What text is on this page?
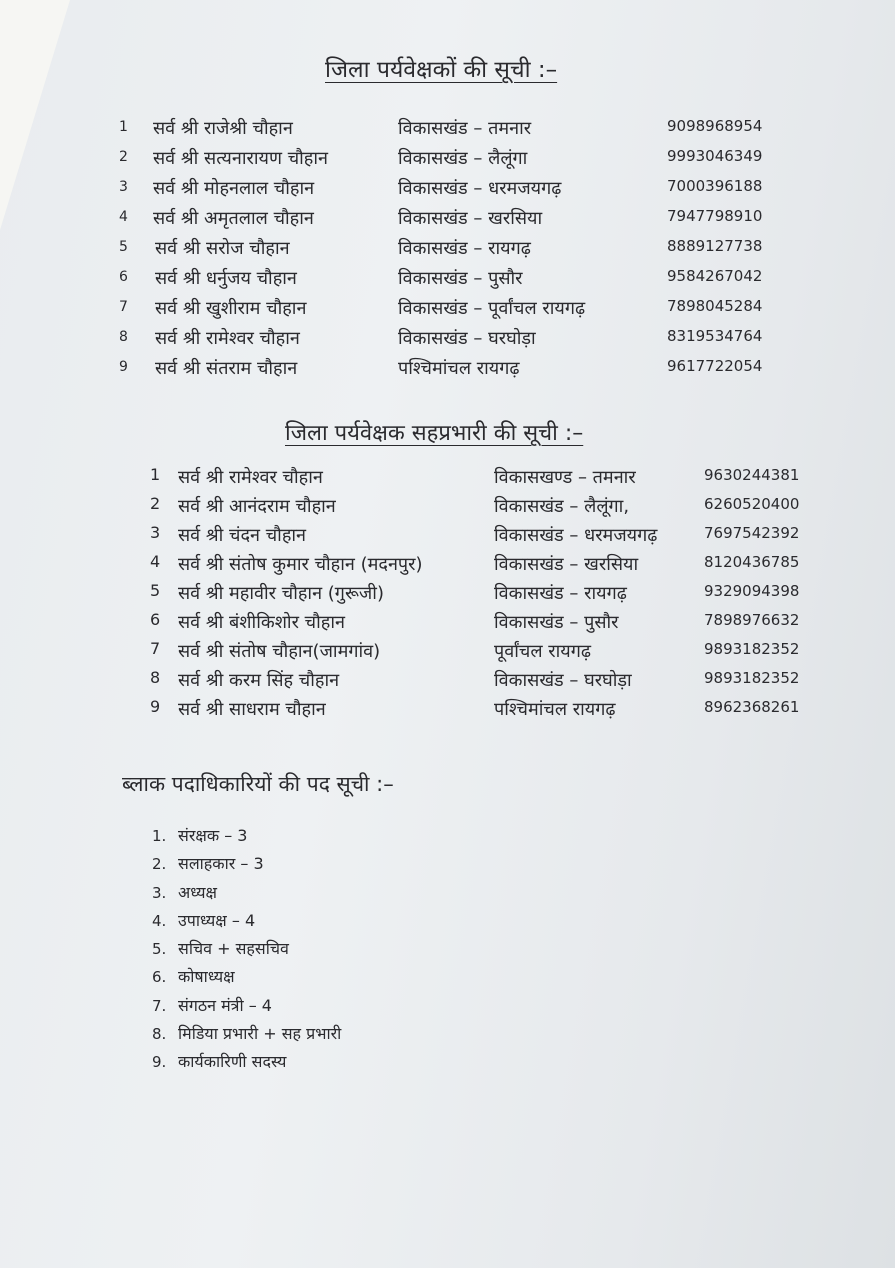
जिला पर्यवेक्षकों की सूची :–
1 सर्व श्री राजेश्री चौहान	विकासखंड – तमनार	9098968954
2 सर्व श्री सत्यनारायण चौहान	विकासखंड – लैलूंगा	9993046349
3 सर्व श्री मोहनलाल चौहान	विकासखंड – धरमजयगढ़	7000396188
4 सर्व श्री अमृतलाल चौहान	विकासखंड – खरसिया	7947798910
5 सर्व श्री सरोज चौहान	विकासखंड – रायगढ़	8889127738
6 सर्व श्री धर्नुजय चौहान	विकासखंड – पुसौर	9584267042
7 सर्व श्री खुशीराम चौहान	विकासखंड – पूर्वांचल रायगढ़	7898045284
8 सर्व श्री रामेश्वर चौहान	विकासखंड – घरघोड़ा	8319534764
9 सर्व श्री संतराम चौहान	पश्चिमांचल रायगढ़	9617722054
जिला पर्यवेक्षक सहप्रभारी की सूची :–
1 सर्व श्री रामेश्वर चौहान	विकासखण्ड – तमनार	9630244381
2 सर्व श्री आनंदराम चौहान	विकासखंड – लैलूंगा,	6260520400
3 सर्व श्री चंदन चौहान	विकासखंड – धरमजयगढ़	7697542392
4 सर्व श्री संतोष कुमार चौहान (मदनपुर)	विकासखंड – खरसिया	8120436785
5 सर्व श्री महावीर चौहान (गुरूजी)	विकासखंड – रायगढ़	9329094398
6 सर्व श्री बंशीकिशोर चौहान	विकासखंड – पुसौर	7898976632
7 सर्व श्री संतोष चौहान(जामगांव)	पूर्वांचल रायगढ़	9893182352
8 सर्व श्री करम सिंह चौहान	विकासखंड – घरघोड़ा	9893182352
9 सर्व श्री साधराम चौहान	पश्चिमांचल रायगढ़	8962368261
ब्लाक पदाधिकारियों की पद सूची :–
1. संरक्षक – 3
2. सलाहकार – 3
3. अध्यक्ष
4. उपाध्यक्ष – 4
5. सचिव + सहसचिव
6. कोषाध्यक्ष
7. संगठन मंत्री – 4
8. मिडिया प्रभारी + सह प्रभारी
9. कार्यकारिणी सदस्य
